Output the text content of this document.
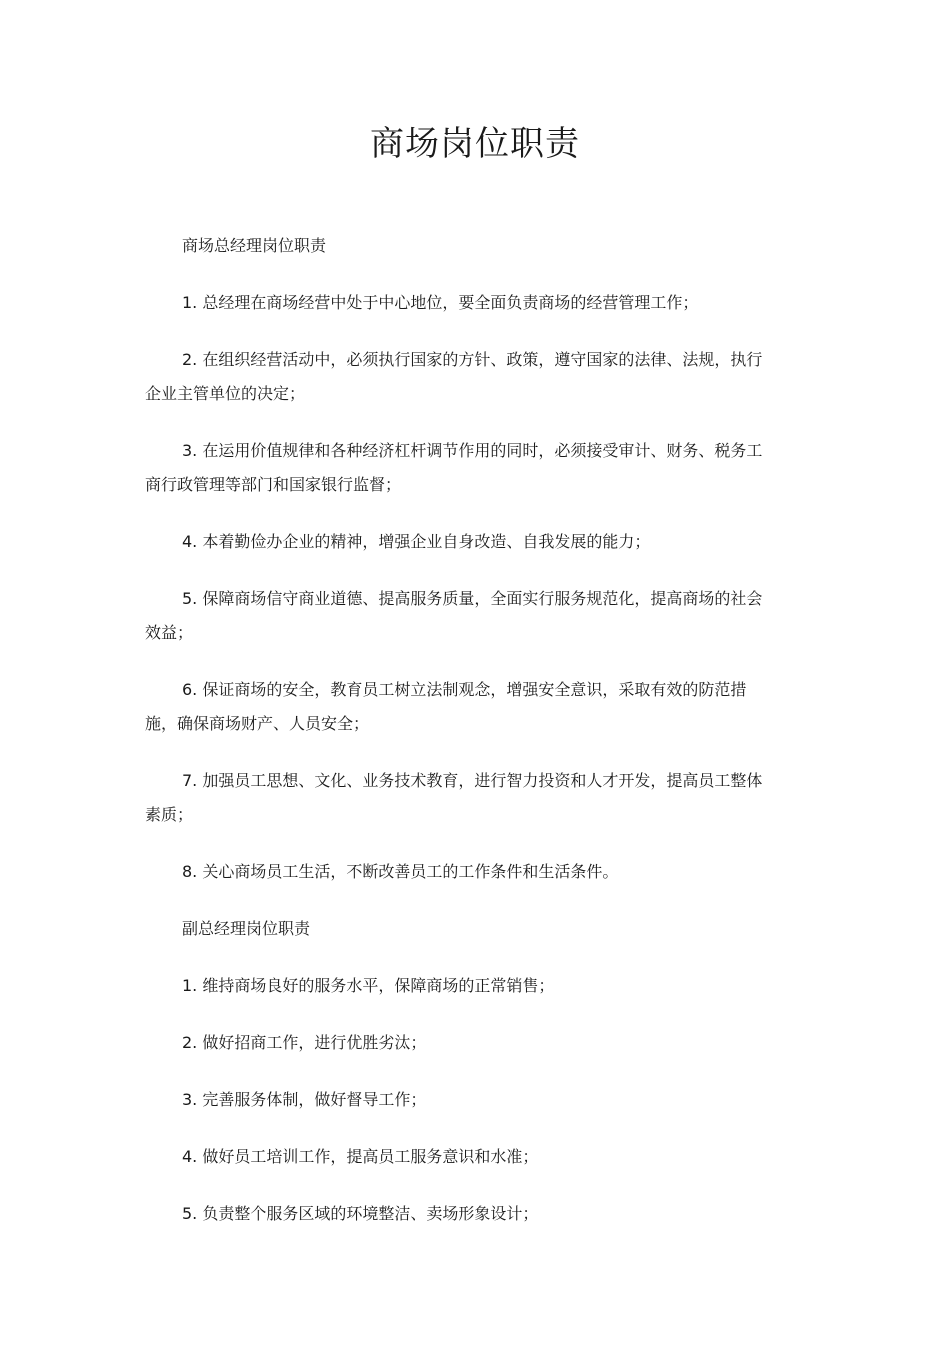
商场岗位职责

商场总经理岗位职责

1. 总经理在商场经营中处于中心地位，要全面负责商场的经营管理工作；

2. 在组织经营活动中，必须执行国家的方针、政策，遵守国家的法律、法规，执行企业主管单位的决定；

3. 在运用价值规律和各种经济杠杆调节作用的同时，必须接受审计、财务、税务工商行政管理等部门和国家银行监督；

4. 本着勤俭办企业的精神，增强企业自身改造、自我发展的能力；

5. 保障商场信守商业道德、提高服务质量，全面实行服务规范化，提高商场的社会效益；

6. 保证商场的安全，教育员工树立法制观念，增强安全意识，采取有效的防范措施，确保商场财产、人员安全；

7. 加强员工思想、文化、业务技术教育，进行智力投资和人才开发，提高员工整体素质；

8. 关心商场员工生活，不断改善员工的工作条件和生活条件。

副总经理岗位职责

1. 维持商场良好的服务水平，保障商场的正常销售；

2. 做好招商工作，进行优胜劣汰；

3. 完善服务体制，做好督导工作；

4. 做好员工培训工作，提高员工服务意识和水准；

5. 负责整个服务区域的环境整洁、卖场形象设计；
